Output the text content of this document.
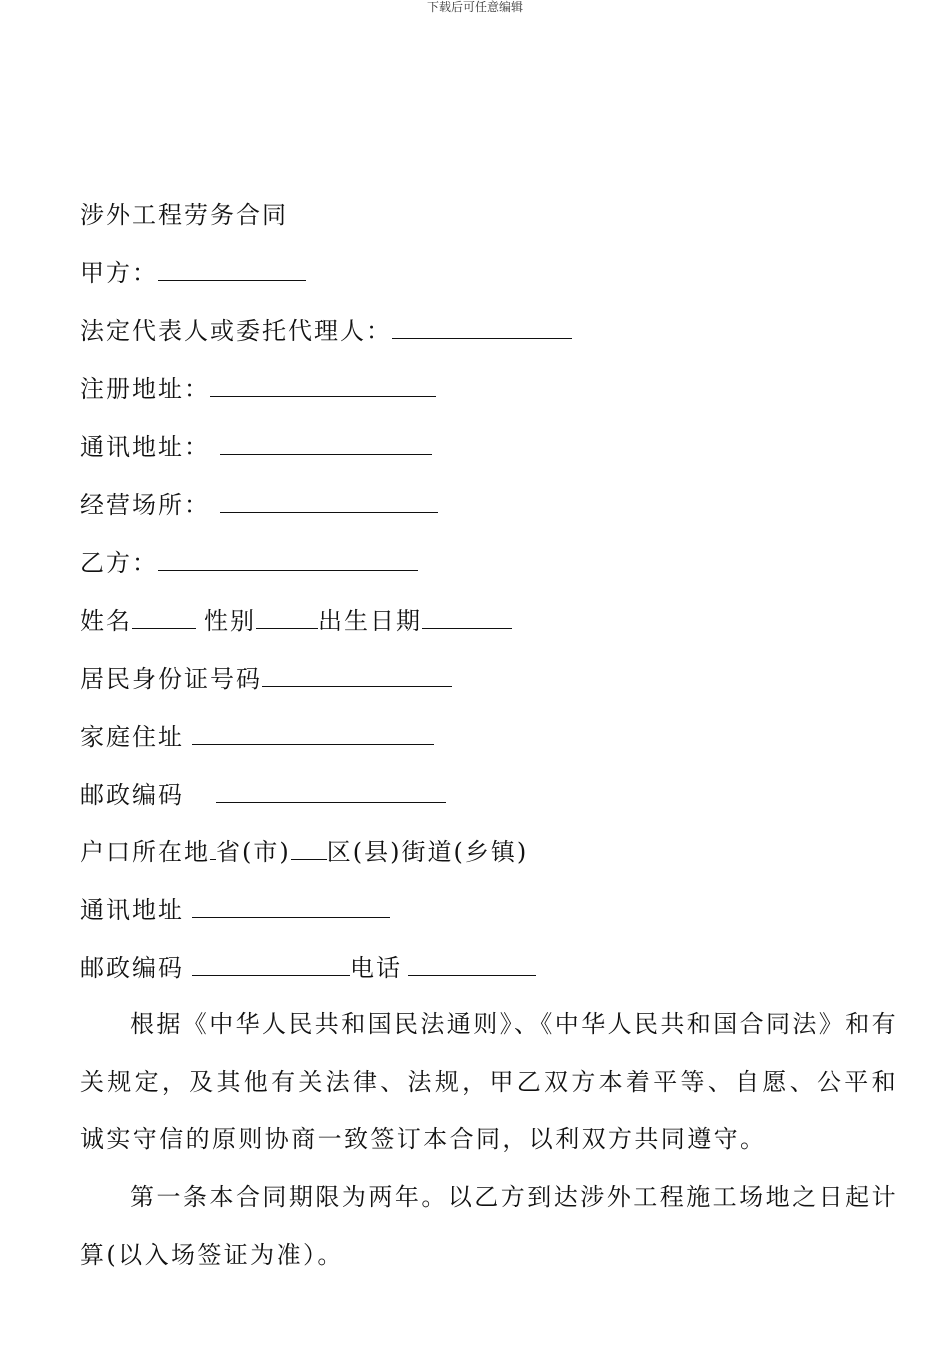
下载后可任意编辑
涉外工程劳务合同
甲方：
法定代表人或委托代理人：
注册地址：
通讯地址：
经营场所：
乙方：
姓名	性别	出生日期
居民身份证号码
家庭住址
邮政编码
户口所在地 省(市) 区(县)街道(乡镇)
通讯地址
邮政编码	电话
根据《中华人民共和国民法通则》、《中华人民共和国合同法》和有关规定，及其他有关法律、法规，甲乙双方本着平等、自愿、公平和诚实守信的原则协商一致签订本合同，以利双方共同遵守。
第一条本合同期限为两年。以乙方到达涉外工程施工场地之日起计算(以入场签证为准）。
